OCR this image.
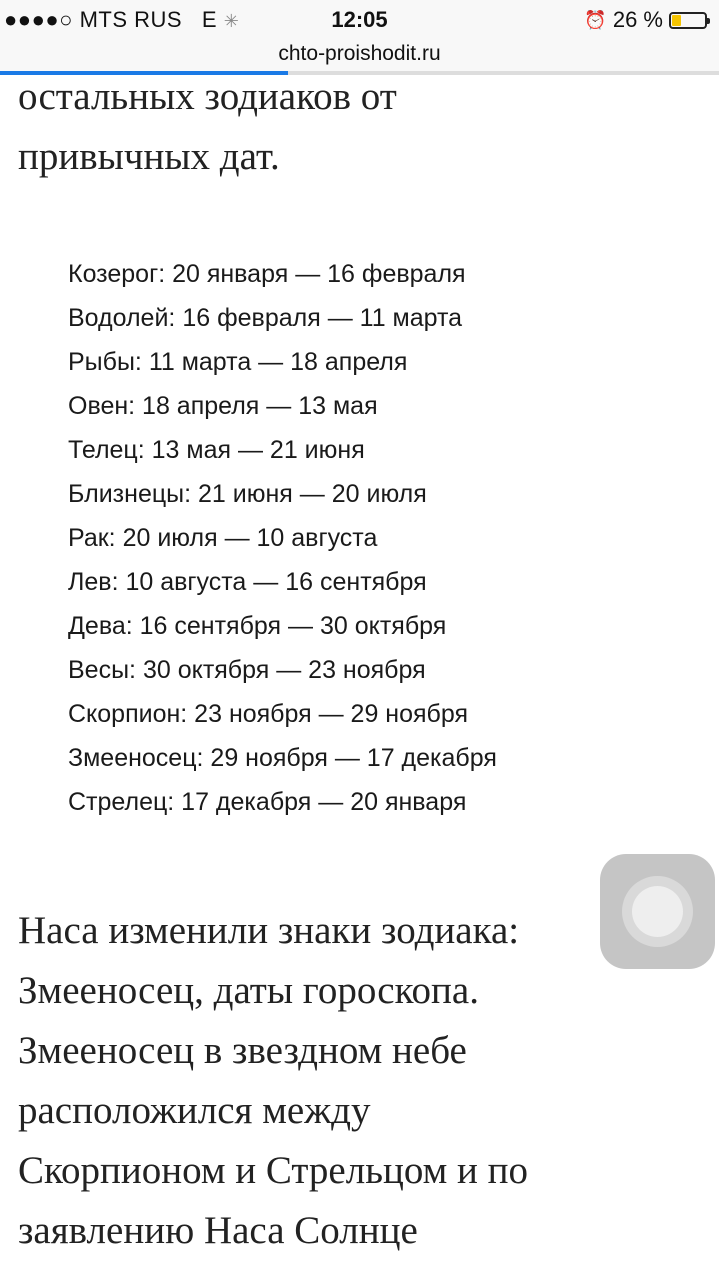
●●●●○ MTS RUS E ✳	12:05	⏰ 26 %
chto-proishodit.ru
остальных зодиаков от
привычных дат.
Козерог: 20 января — 16 февраля
Водолей: 16 февраля — 11 марта
Рыбы: 11 марта — 18 апреля
Овен: 18 апреля — 13 мая
Телец: 13 мая — 21 июня
Близнецы: 21 июня — 20 июля
Рак: 20 июля — 10 августа
Лев: 10 августа — 16 сентября
Дева: 16 сентября — 30 октября
Весы: 30 октября — 23 ноября
Скорпион: 23 ноября — 29 ноября
Змееносец: 29 ноября — 17 декабря
Стрелец: 17 декабря — 20 января
Наса изменили знаки зодиака:
Змееносец, даты гороскопа.
Змееносец в звездном небе
расположился между
Скорпионом и Стрельцом и по
заявлению Наса Солнце
